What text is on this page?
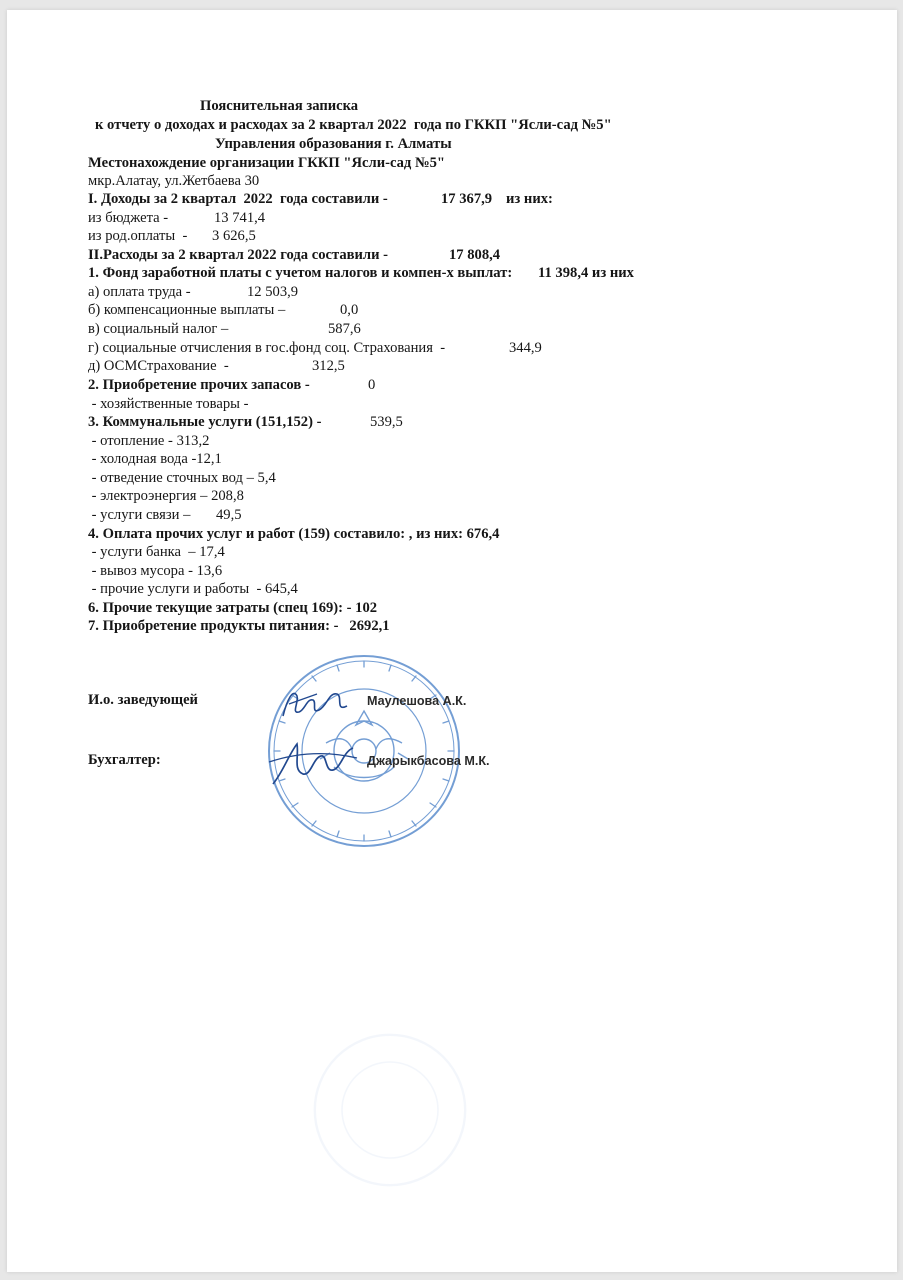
Пояснительная записка
к отчету о доходах и расходах за 2 квартал 2022  года по ГККП "Ясли-сад №5"
Управления образования г. Алматы
Местонахождение организации ГККП "Ясли-сад №5"
мкр.Алатау, ул.Жетбаева 30
I. Доходы за 2 квартал  2022  года составили -	17 367,9 из них:
из бюджета -	13 741,4
из род.оплаты  - 3 626,5
II.Расходы за 2 квартал 2022 года составили -	17 808,4
1. Фонд заработной платы с учетом налогов и компен-х выплат: 11 398,4 из них
а) оплата труда -	12 503,9
б) компенсационные выплаты –	0,0
в) социальный налог –	587,6
г) социальные отчисления в гос.фонд соц. Страхования  -	344,9
д) ОСМСтрахование  -	312,5
2. Приобретение прочих запасов -	0
- хозяйственные товары -
3. Коммунальные услуги (151,152) -	539,5
- отопление - 313,2
- холодная вода -12,1
- отведение сточных вод – 5,4
- электроэнергия – 208,8
- услуги связи – 49,5
4. Оплата прочих услуг и работ (159) составило: , из них: 676,4
- услуги банка  – 17,4
- вывоз мусора - 13,6
- прочие услуги и работы  - 645,4
6. Прочие текущие затраты (спец 169): - 102
7. Приобретение продукты питания: -   2692,1
И.о. заведующей	Маулешова А.К.
Бухгалтер:	Джарыкбасова М.К.
